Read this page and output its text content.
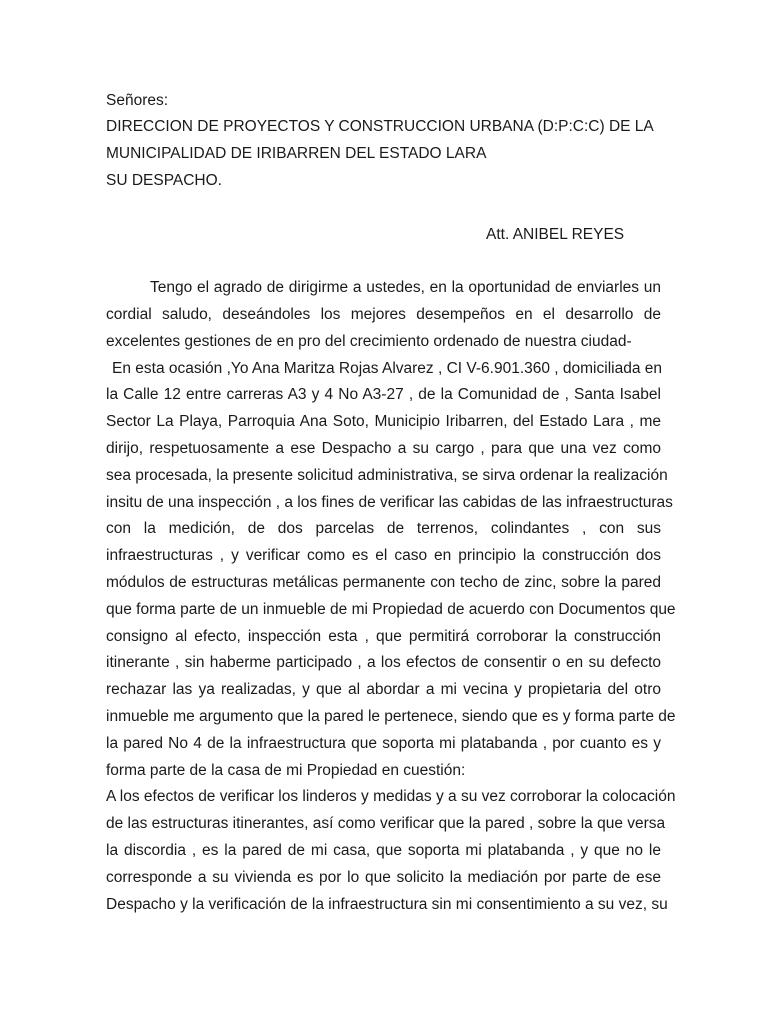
Señores:
DIRECCION DE PROYECTOS Y CONSTRUCCION URBANA (D:P:C:C) DE LA
MUNICIPALIDAD DE IRIBARREN DEL ESTADO LARA
SU DESPACHO.
Att. ANIBEL REYES
Tengo el agrado de dirigirme a ustedes, en la oportunidad de enviarles un
cordial saludo, deseándoles los mejores desempeños en el desarrollo de
excelentes gestiones de en pro del crecimiento ordenado de nuestra ciudad-
En esta ocasión ,Yo Ana Maritza Rojas Alvarez , CI V-6.901.360 , domiciliada en
la Calle 12 entre carreras A3 y 4 No A3-27 , de la Comunidad de , Santa Isabel
Sector La Playa, Parroquia Ana Soto, Municipio Iribarren, del Estado Lara , me
dirijo, respetuosamente a ese Despacho a su cargo , para que una vez como
sea procesada, la presente solicitud administrativa, se sirva ordenar la realización
insitu de una inspección , a los fines de verificar las cabidas de las infraestructuras
con la medición, de dos parcelas de terrenos, colindantes , con sus
infraestructuras , y verificar como es el caso en principio la construcción dos
módulos de estructuras metálicas permanente con techo de zinc, sobre la pared
que forma parte de un inmueble de mi Propiedad de acuerdo con Documentos que
consigno al efecto, inspección esta , que permitirá corroborar la construcción
itinerante , sin haberme participado , a los efectos de consentir o en su defecto
rechazar las ya realizadas, y que al abordar a mi vecina y propietaria del otro
inmueble me argumento que la pared le pertenece, siendo que es y forma parte de
la pared No 4 de la infraestructura que soporta mi platabanda , por cuanto es y
forma parte de la casa de mi Propiedad en cuestión:
A los efectos de verificar los linderos y medidas y a su vez corroborar la colocación
de las estructuras itinerantes, así como verificar que la pared , sobre la que versa
la discordia , es la pared de mi casa, que soporta mi platabanda , y que no le
corresponde a su vivienda es por lo que solicito la mediación por parte de ese
Despacho y la verificación de la infraestructura sin mi consentimiento a su vez, su
